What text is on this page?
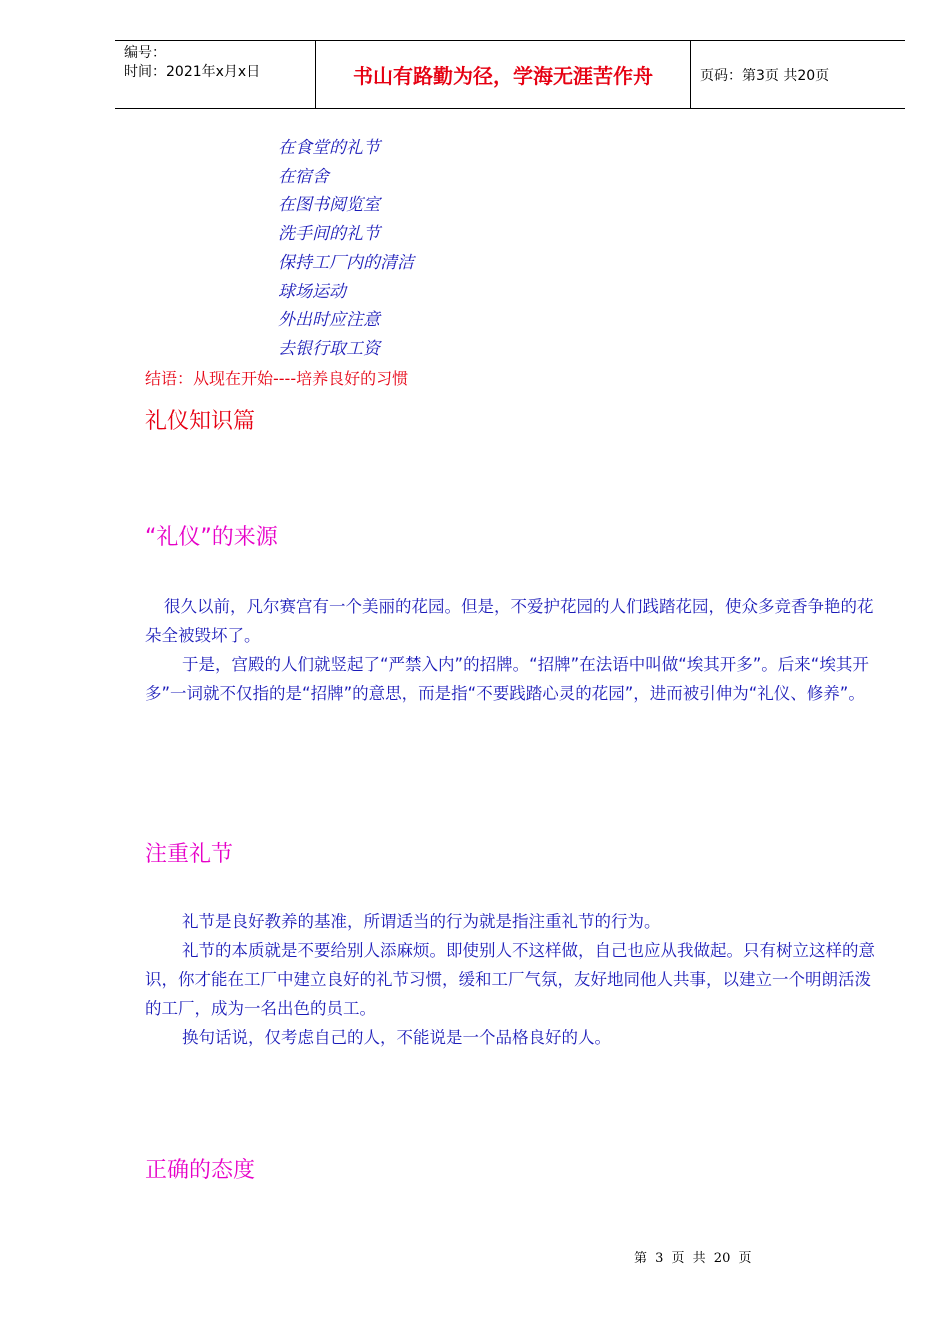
编号：
时间：2021年x月x日	书山有路勤为径，学海无涯苦作舟	页码：第3页 共20页
在食堂的礼节
在宿舍
在图书阅览室
洗手间的礼节
保持工厂内的清洁
球场运动
外出时应注意
去银行取工资
结语：从现在开始----培养良好的习惯
礼仪知识篇
“礼仪”的来源

很久以前，凡尔赛宫有一个美丽的花园。但是，不爱护花园的人们践踏花园，使众多竞香争艳的花朵全被毁坏了。

于是，宫殿的人们就竖起了“严禁入内”的招牌。“招牌”在法语中叫做“埃其开多”。后来“埃其开多”一词就不仅指的是“招牌”的意思，而是指“不要践踏心灵的花园”，进而被引伸为“礼仪、修养”。

注重礼节

礼节是良好教养的基准，所谓适当的行为就是指注重礼节的行为。

礼节的本质就是不要给别人添麻烦。即使别人不这样做，自己也应从我做起。只有树立这样的意识，你才能在工厂中建立良好的礼节习惯，缓和工厂气氛，友好地同他人共事，以建立一个明朗活泼的工厂，成为一名出色的员工。

换句话说，仅考虑自己的人，不能说是一个品格良好的人。

正确的态度
第 3 页 共 20 页
